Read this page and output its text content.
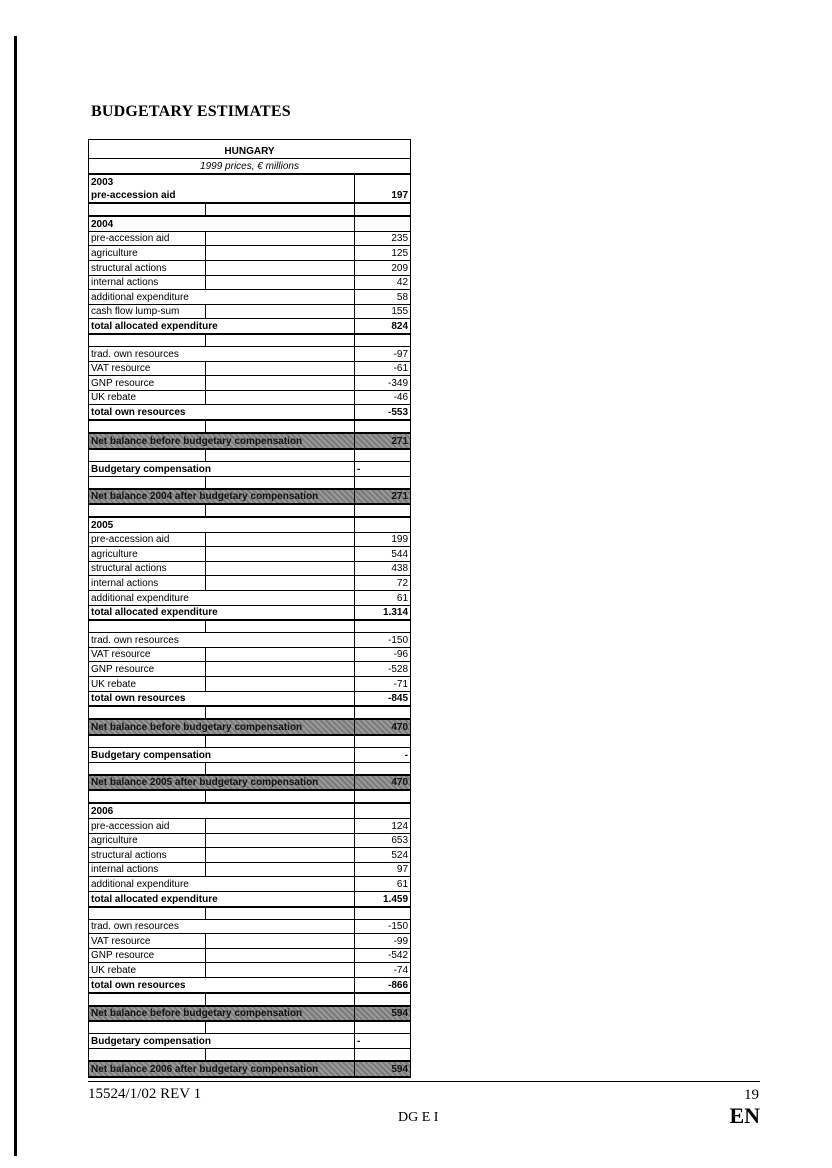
BUDGETARY ESTIMATES
HUNGARY		
1999 prices, € millions		
2003		
pre-accession aid		197

2004		
pre-accession aid		235
agriculture		125
structural actions		209
internal actions		42
additional expenditure		58
cash flow lump-sum		155
total allocated expenditure		824

trad. own resources		-97
VAT resource		-61
GNP resource		-349
UK rebate		-46
total own resources		-553

Net balance before budgetary compensation		271

Budgetary compensation		-

Net balance 2004 after budgetary compensation		271

2005		
pre-accession aid		199
agriculture		544
structural actions		438
internal actions		72
additional expenditure		61
total allocated expenditure		1.314

trad. own resources		-150
VAT resource		-96
GNP resource		-528
UK rebate		-71
total own resources		-845

Net balance before budgetary compensation		470

Budgetary compensation		-

Net balance 2005 after budgetary compensation		470

2006		
pre-accession aid		124
agriculture		653
structural actions		524
internal actions		97
additional expenditure		61
total allocated expenditure		1.459

trad. own resources		-150
VAT resource		-99
GNP resource		-542
UK rebate		-74
total own resources		-866

Net balance before budgetary compensation		594

Budgetary compensation		-

Net balance 2006 after budgetary compensation		594
15524/1/02 REV 1	19
DG E I	EN
